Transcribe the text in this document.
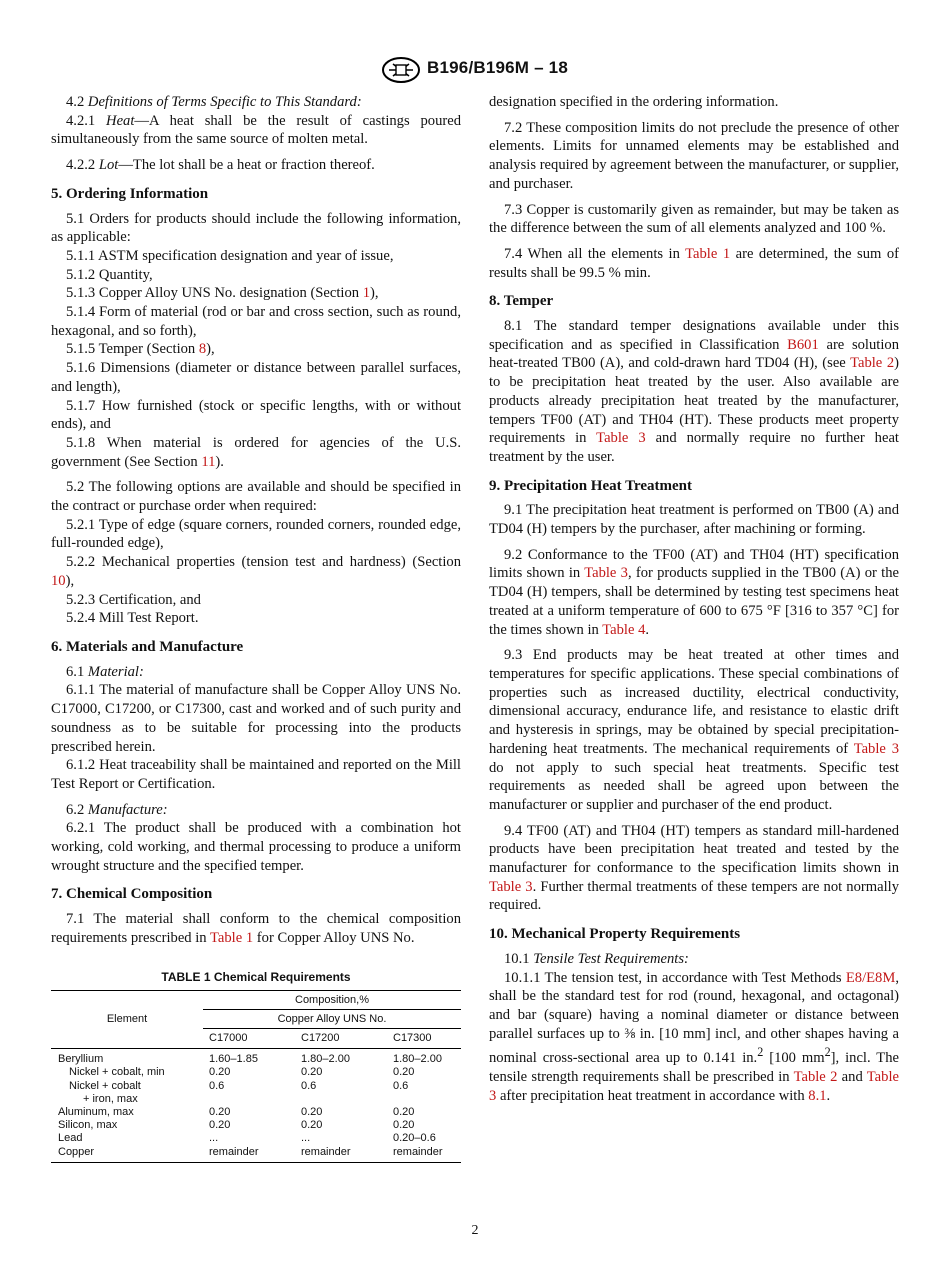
B196/B196M – 18

4.2 Definitions of Terms Specific to This Standard:

4.2.1 Heat—A heat shall be the result of castings poured simultaneously from the same source of molten metal.

4.2.2 Lot—The lot shall be a heat or fraction thereof.

5. Ordering Information

5.1 Orders for products should include the following information, as applicable:

5.1.1 ASTM specification designation and year of issue,

5.1.2 Quantity,

5.1.3 Copper Alloy UNS No. designation (Section 1),

5.1.4 Form of material (rod or bar and cross section, such as round, hexagonal, and so forth),

5.1.5 Temper (Section 8),

5.1.6 Dimensions (diameter or distance between parallel surfaces, and length),

5.1.7 How furnished (stock or specific lengths, with or without ends), and

5.1.8 When material is ordered for agencies of the U.S. government (See Section 11).

5.2 The following options are available and should be specified in the contract or purchase order when required:

5.2.1 Type of edge (square corners, rounded corners, rounded edge, full-rounded edge),

5.2.2 Mechanical properties (tension test and hardness) (Section 10),

5.2.3 Certification, and

5.2.4 Mill Test Report.

6. Materials and Manufacture

6.1 Material:

6.1.1 The material of manufacture shall be Copper Alloy UNS No. C17000, C17200, or C17300, cast and worked and of such purity and soundness as to be suitable for processing into the products prescribed herein.

6.1.2 Heat traceability shall be maintained and reported on the Mill Test Report or Certification.

6.2 Manufacture:

6.2.1 The product shall be produced with a combination hot working, cold working, and thermal processing to produce a uniform wrought structure and the specified temper.

7. Chemical Composition

7.1 The material shall conform to the chemical composition requirements prescribed in Table 1 for Copper Alloy UNS No.

TABLE 1 Chemical Requirements
Element	Composition,%		
	Copper Alloy UNS No.		
	C17000	C17200	C17300

Beryllium	1.60–1.85	1.80–2.00	1.80–2.00

Nickel + cobalt, min	0.20	0.20	0.20

Nickel + cobalt
+ iron, max	0.6	0.6	0.6

Aluminum, max	0.20	0.20	0.20

Silicon, max	0.20	0.20	0.20

Lead	...	...	0.20–0.6

Copper	remainder	remainder	remainder

designation specified in the ordering information.

7.2 These composition limits do not preclude the presence of other elements. Limits for unnamed elements may be established and analysis required by agreement between the manufacturer, or supplier, and purchaser.

7.3 Copper is customarily given as remainder, but may be taken as the difference between the sum of all elements analyzed and 100 %.

7.4 When all the elements in Table 1 are determined, the sum of results shall be 99.5 % min.

8. Temper

8.1 The standard temper designations available under this specification and as specified in Classification B601 are solution heat-treated TB00 (A), and cold-drawn hard TD04 (H), (see Table 2) to be precipitation heat treated by the user. Also available are products already precipitation heat treated by the manufacturer, tempers TF00 (AT) and TH04 (HT). These products meet property requirements in Table 3 and normally require no further heat treatment by the user.

9. Precipitation Heat Treatment

9.1 The precipitation heat treatment is performed on TB00 (A) and TD04 (H) tempers by the purchaser, after machining or forming.

9.2 Conformance to the TF00 (AT) and TH04 (HT) specification limits shown in Table 3, for products supplied in the TB00 (A) or the TD04 (H) tempers, shall be determined by testing test specimens heat treated at a uniform temperature of 600 to 675 °F [316 to 357 °C] for the times shown in Table 4.

9.3 End products may be heat treated at other times and temperatures for specific applications. These special combinations of properties such as increased ductility, electrical conductivity, dimensional accuracy, endurance life, and resistance to elastic drift and hysteresis in springs, may be obtained by special precipitation-hardening heat treatments. The mechanical requirements of Table 3 do not apply to such special heat treatments. Specific test requirements as needed shall be agreed upon between the manufacturer or supplier and purchaser of the end product.

9.4 TF00 (AT) and TH04 (HT) tempers as standard mill-hardened products have been precipitation heat treated and tested by the manufacturer for conformance to the specification limits shown in Table 3. Further thermal treatments of these tempers are not normally required.

10. Mechanical Property Requirements

10.1 Tensile Test Requirements:

10.1.1 The tension test, in accordance with Test Methods E8/E8M, shall be the standard test for rod (round, hexagonal, and octagonal) and bar (square) having a nominal diameter or distance between parallel surfaces up to ⅜ in. [10 mm] incl, and other shapes having a nominal cross-sectional area up to 0.141 in.$^2$ [100 $mm^2$], incl. The tensile strength requirements shall be prescribed in Table 2 and Table 3 after precipitation heat treatment in accordance with 8.1.

2
